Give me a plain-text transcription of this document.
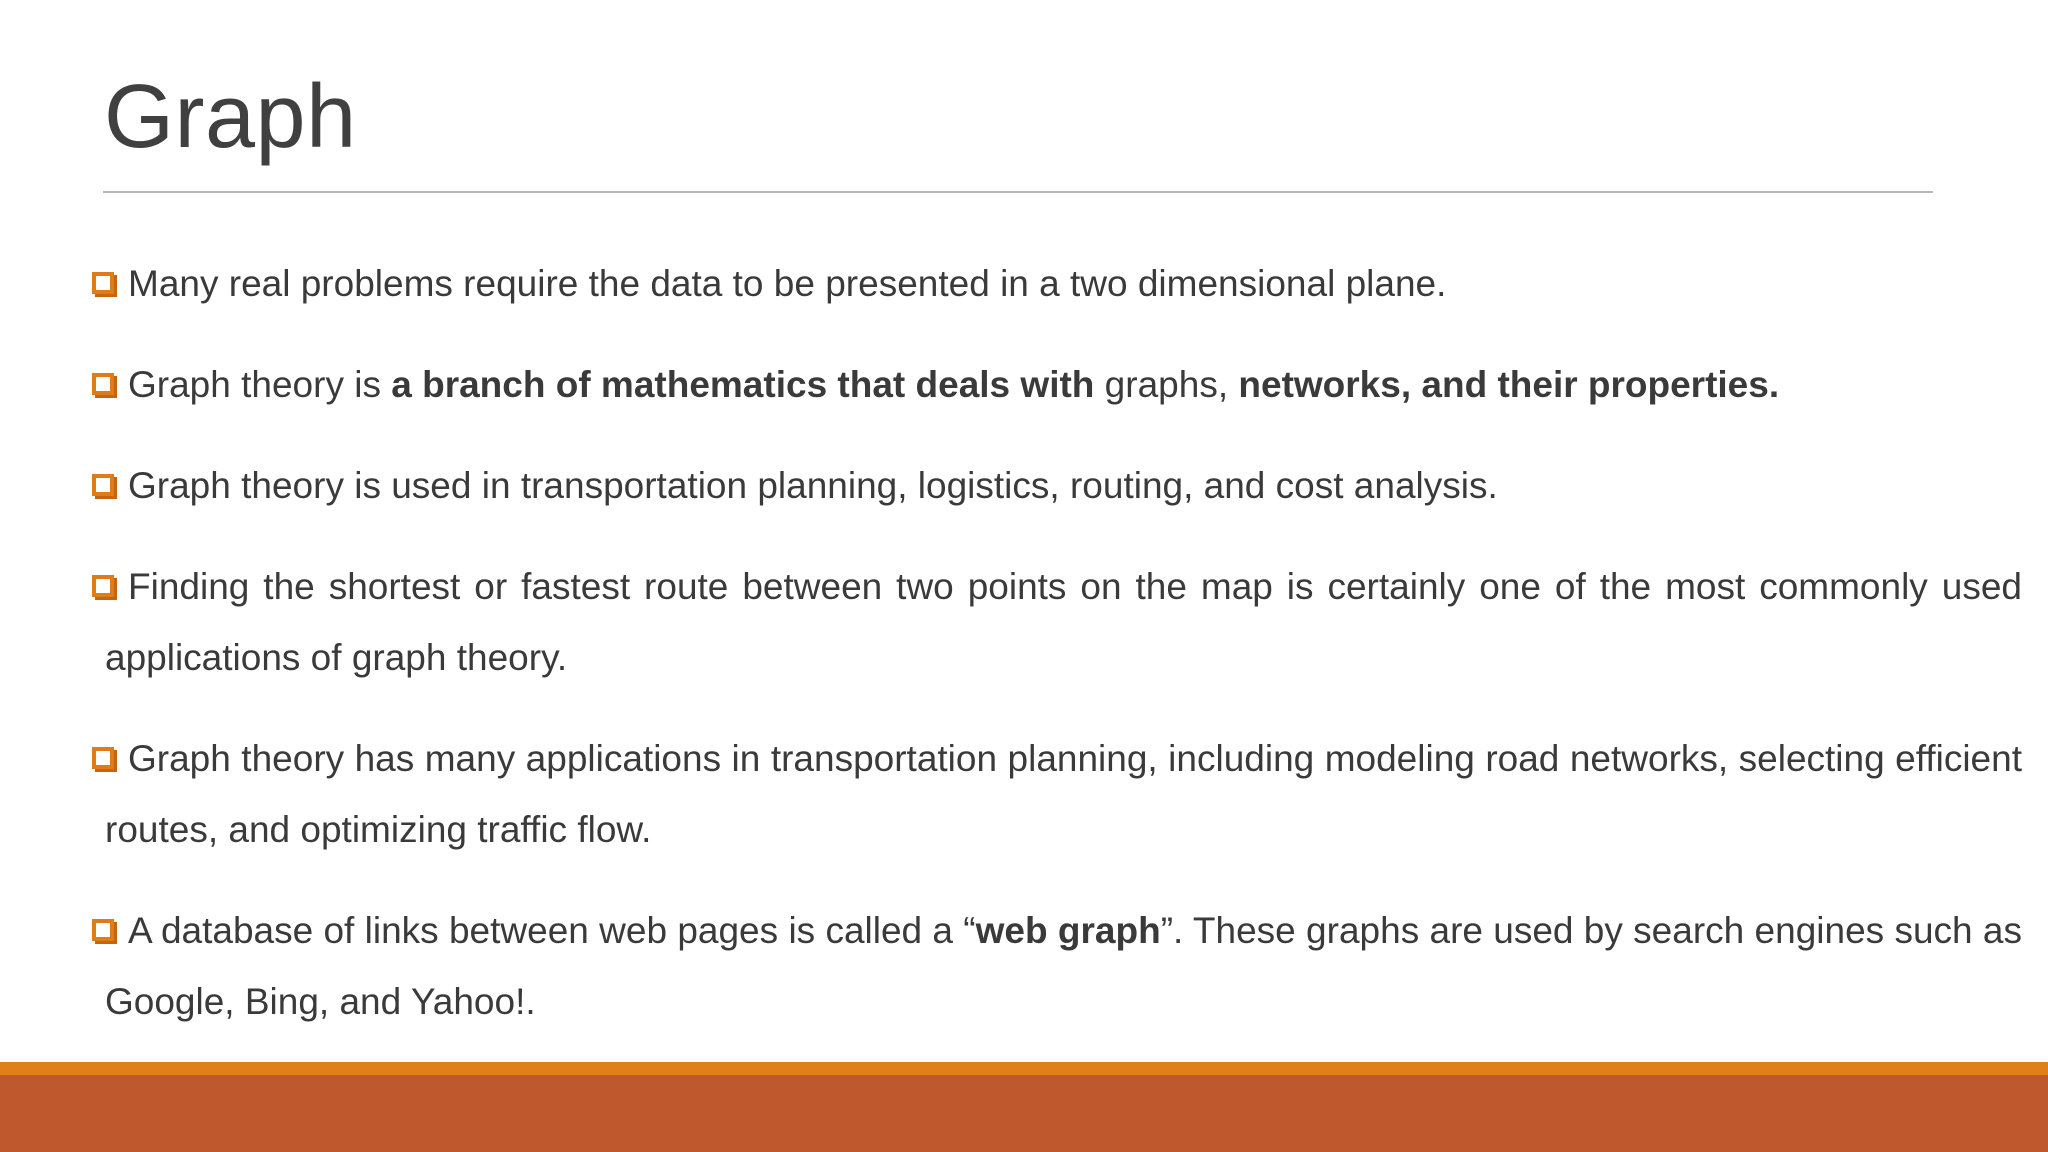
Graph
Many real problems require the data to be presented in a two dimensional plane.
Graph theory is a branch of mathematics that deals with graphs, networks, and their properties.
Graph theory is used in transportation planning, logistics, routing, and cost analysis.
Finding the shortest or fastest route between two points on the map is certainly one of the most commonly used applications of graph theory.
Graph theory has many applications in transportation planning, including modeling road networks, selecting efficient routes, and optimizing traffic flow.
A database of links between web pages is called a “web graph”. These graphs are used by search engines such as Google, Bing, and Yahoo!.
